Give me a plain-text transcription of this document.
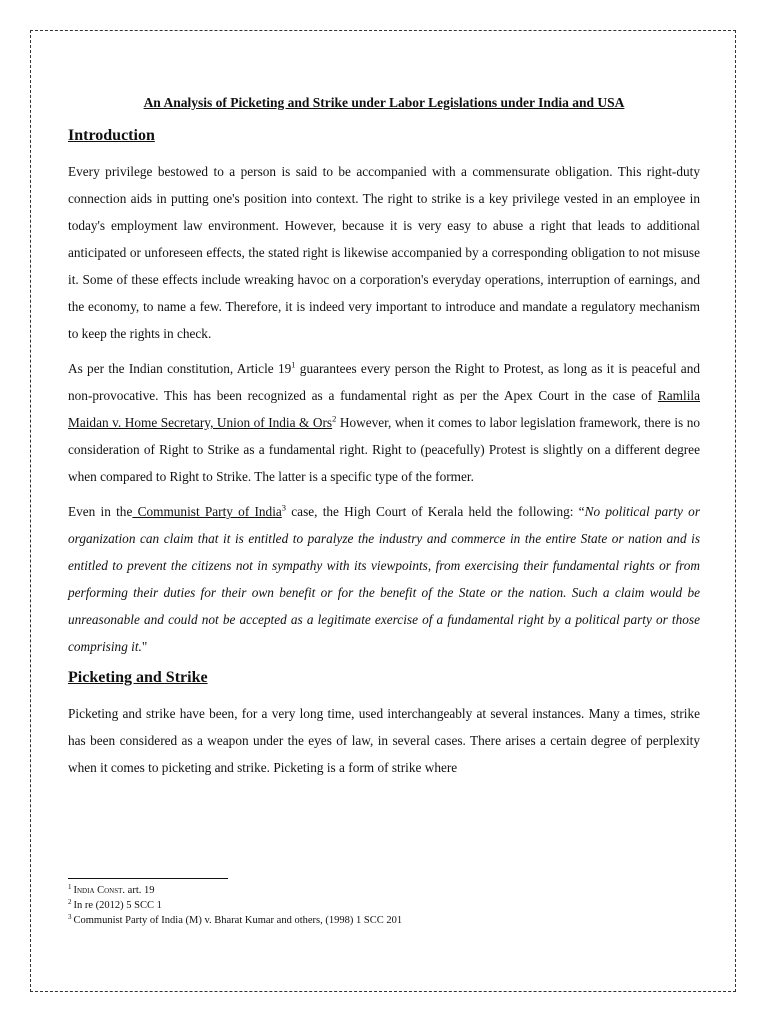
An Analysis of Picketing and Strike under Labor Legislations under India and USA

Introduction

Every privilege bestowed to a person is said to be accompanied with a commensurate obligation. This right-duty connection aids in putting one's position into context. The right to strike is a key privilege vested in an employee in today's employment law environment. However, because it is very easy to abuse a right that leads to additional anticipated or unforeseen effects, the stated right is likewise accompanied by a corresponding obligation to not misuse it. Some of these effects include wreaking havoc on a corporation's everyday operations, interruption of earnings, and the economy, to name a few. Therefore, it is indeed very important to introduce and mandate a regulatory mechanism to keep the rights in check.

As per the Indian constitution, Article $19^1$ guarantees every person the Right to Protest, as long as it is peaceful and non-provocative. This has been recognized as a fundamental right as per the Apex Court in the case of Ramlila Maidan v. Home Secretary, Union of India & Ors$^2$ However, when it comes to labor legislation framework, there is no consideration of Right to Strike as a fundamental right. Right to (peacefully) Protest is slightly on a different degree when compared to Right to Strike. The latter is a specific type of the former.

Even in the Communist Party of India$^3$ case, the High Court of Kerala held the following: “No political party or organization can claim that it is entitled to paralyze the industry and commerce in the entire State or nation and is entitled to prevent the citizens not in sympathy with its viewpoints, from exercising their fundamental rights or from performing their duties for their own benefit or for the benefit of the State or the nation. Such a claim would be unreasonable and could not be accepted as a legitimate exercise of a fundamental right by a political party or those comprising it."

Picketing and Strike

Picketing and strike have been, for a very long time, used interchangeably at several instances. Many a times, strike has been considered as a weapon under the eyes of law, in several cases. There arises a certain degree of perplexity when it comes to picketing and strike. Picketing is a form of strike where

$^1$ India Const. art. 19

$^2$ In re (2012) 5 SCC 1

$^3$ Communist Party of India (M) v. Bharat Kumar and others, (1998) 1 SCC 201
